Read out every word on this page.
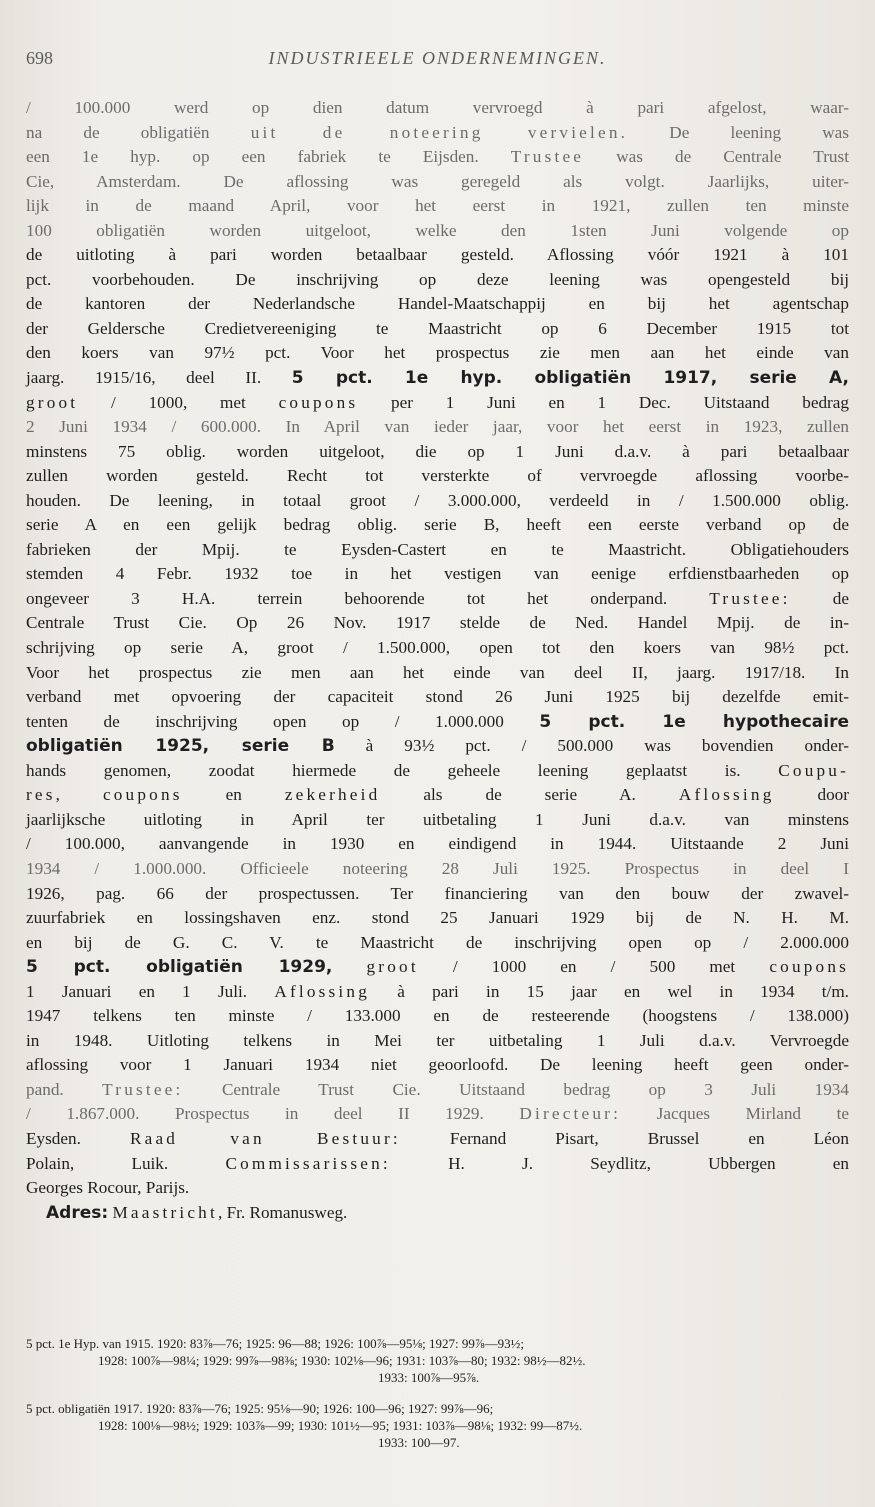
698	INDUSTRIEELE ONDERNEMINGEN.
/ 100.000 werd op dien datum vervroegd à pari afgelost, waar-
na de obligatiën uit de noteering vervielen. De leening was
een 1e hyp. op een fabriek te Eijsden. Trustee was de Centrale Trust
Cie, Amsterdam. De aflossing was geregeld als volgt. Jaarlijks, uiter-
lijk in de maand April, voor het eerst in 1921, zullen ten minste
100 obligatiën worden uitgeloot, welke den 1sten Juni volgende op
de uitloting à pari worden betaalbaar gesteld. Aflossing vóór 1921 à 101
pct. voorbehouden. De inschrijving op deze leening was opengesteld bij
de kantoren der Nederlandsche Handel-Maatschappij en bij het agentschap
der Geldersche Credietvereeniging te Maastricht op 6 December 1915 tot
den koers van 97½ pct. Voor het prospectus zie men aan het einde van
jaarg. 1915/16, deel II. 5 pct. 1e hyp. obligatiën 1917, serie A,
groot / 1000, met coupons per 1 Juni en 1 Dec. Uitstaand bedrag
2 Juni 1934 / 600.000. In April van ieder jaar, voor het eerst in 1923, zullen
minstens 75 oblig. worden uitgeloot, die op 1 Juni d.a.v. à pari betaalbaar
zullen worden gesteld. Recht tot versterkte of vervroegde aflossing voorbe-
houden. De leening, in totaal groot / 3.000.000, verdeeld in / 1.500.000 oblig.
serie A en een gelijk bedrag oblig. serie B, heeft een eerste verband op de
fabrieken der Mpij. te Eysden-Castert en te Maastricht. Obligatiehouders
stemden 4 Febr. 1932 toe in het vestigen van eenige erfdienstbaarheden op
ongeveer 3 H.A. terrein behoorende tot het onderpand. Trustee: de
Centrale Trust Cie. Op 26 Nov. 1917 stelde de Ned. Handel Mpij. de in-
schrijving op serie A, groot / 1.500.000, open tot den koers van 98½ pct.
Voor het prospectus zie men aan het einde van deel II, jaarg. 1917/18. In
verband met opvoering der capaciteit stond 26 Juni 1925 bij dezelfde emit-
tenten de inschrijving open op / 1.000.000 5 pct. 1e hypothecaire
obligatiën 1925, serie B à 93½ pct. / 500.000 was bovendien onder-
hands genomen, zoodat hiermede de geheele leening geplaatst is. Coupu-
res, coupons en zekerheid als de serie A. Aflossing door
jaarlijksche uitloting in April ter uitbetaling 1 Juni d.a.v. van minstens
/ 100.000, aanvangende in 1930 en eindigend in 1944. Uitstaande 2 Juni
1934 / 1.000.000. Officieele noteering 28 Juli 1925. Prospectus in deel I
1926, pag. 66 der prospectussen. Ter financiering van den bouw der zwavel-
zuurfabriek en lossingshaven enz. stond 25 Januari 1929 bij de N. H. M.
en bij de G. C. V. te Maastricht de inschrijving open op / 2.000.000
5 pct. obligatiën 1929, groot / 1000 en / 500 met coupons
1 Januari en 1 Juli. Aflossing à pari in 15 jaar en wel in 1934 t/m.
1947 telkens ten minste / 133.000 en de resteerende (hoogstens / 138.000)
in 1948. Uitloting telkens in Mei ter uitbetaling 1 Juli d.a.v. Vervroegde
aflossing voor 1 Januari 1934 niet geoorloofd. De leening heeft geen onder-
pand. Trustee: Centrale Trust Cie. Uitstaand bedrag op 3 Juli 1934
/ 1.867.000. Prospectus in deel II 1929. Directeur: Jacques Mirland te
Eysden. Raad van Bestuur: Fernand Pisart, Brussel en Léon
Polain, Luik. Commissarissen: H. J. Seydlitz, Ubbergen en
Georges Rocour, Parijs.
Adres: Maastricht, Fr. Romanusweg.
5 pct. 1e Hyp. van 1915. 1920: 83⅞—76; 1925: 96—88; 1926: 100⅞—95⅛; 1927: 99⅞—93½;
1928: 100⅞—98¼; 1929: 99⅞—98⅜; 1930: 102⅛—96; 1931: 103⅞—80; 1932: 98½—82½.
1933: 100⅞—95⅞.
5 pct. obligatiën 1917. 1920: 83⅞—76; 1925: 95⅛—90; 1926: 100—96; 1927: 99⅞—96;
1928: 100⅛—98½; 1929: 103⅞—99; 1930: 101½—95; 1931: 103⅞—98⅛; 1932: 99—87½.
1933: 100—97.
